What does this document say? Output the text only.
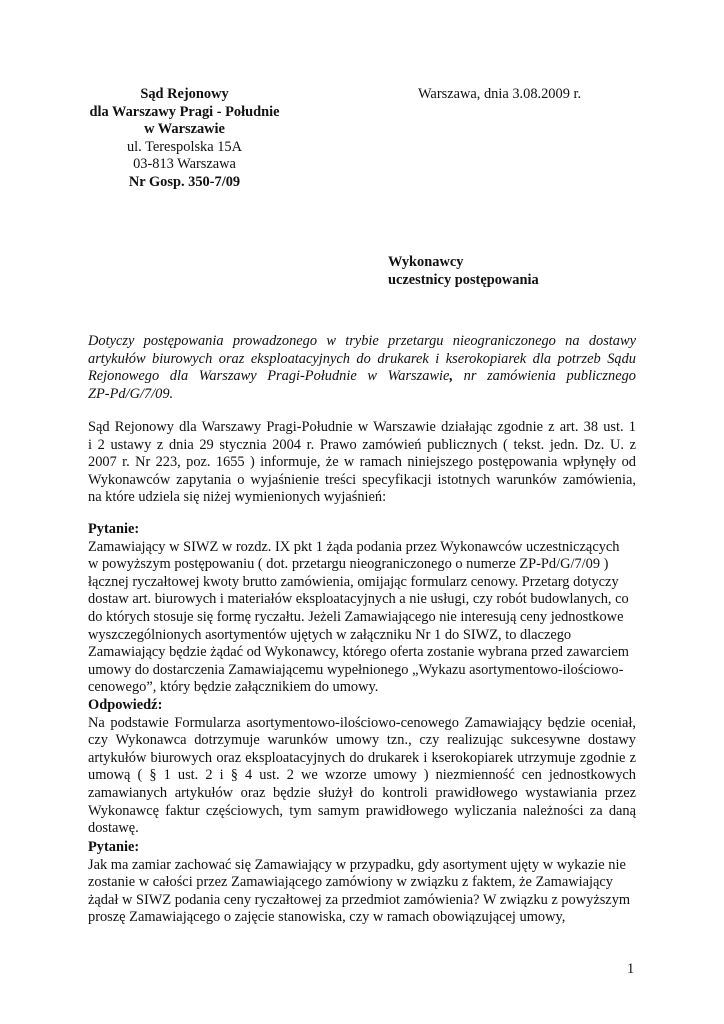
Sąd Rejonowy
dla Warszawy Pragi - Południe
w Warszawie
ul. Terespolska 15A
03-813 Warszawa
Nr Gosp. 350-7/09
Warszawa, dnia 3.08.2009 r.
Wykonawcy
uczestnicy postępowania
Dotyczy postępowania prowadzonego w trybie przetargu nieograniczonego na dostawy
artykułów biurowych oraz eksploatacyjnych do drukarek i kserokopiarek dla potrzeb Sądu
Rejonowego dla Warszawy Pragi-Południe w Warszawie, nr zamówienia publicznego
ZP-Pd/G/7/09.
Sąd Rejonowy dla Warszawy Pragi-Południe w Warszawie działając zgodnie z art. 38 ust. 1
i 2 ustawy z dnia 29 stycznia 2004 r. Prawo zamówień publicznych ( tekst. jedn. Dz. U. z
2007 r. Nr 223, poz. 1655 ) informuje, że w ramach niniejszego postępowania wpłynęły od
Wykonawców zapytania o wyjaśnienie treści specyfikacji istotnych warunków zamówienia,
na które udziela się niżej wymienionych wyjaśnień:
Pytanie:
Zamawiający w SIWZ w rozdz. IX pkt 1 żąda podania przez Wykonawców uczestniczących
w powyższym postępowaniu ( dot. przetargu nieograniczonego o numerze ZP-Pd/G/7/09 )
łącznej ryczałtowej kwoty brutto zamówienia, omijając formularz cenowy. Przetarg dotyczy
dostaw art. biurowych i materiałów eksploatacyjnych a nie usługi, czy robót budowlanych, co
do których stosuje się formę ryczałtu. Jeżeli Zamawiającego nie interesują ceny jednostkowe
wyszczególnionych asortymentów ujętych w załączniku Nr 1 do SIWZ, to dlaczego
Zamawiający będzie żądać od Wykonawcy, którego oferta zostanie wybrana przed zawarciem
umowy do dostarczenia Zamawiającemu wypełnionego „Wykazu asortymentowo-ilościowo-
cenowego”, który będzie załącznikiem do umowy.
Odpowiedź:
Na podstawie Formularza asortymentowo-ilościowo-cenowego Zamawiający będzie oceniał,
czy Wykonawca dotrzymuje warunków umowy tzn., czy realizując sukcesywne dostawy
artykułów biurowych oraz eksploatacyjnych do drukarek i kserokopiarek utrzymuje zgodnie z
umową ( § 1 ust. 2 i § 4 ust. 2 we wzorze umowy ) niezmienność cen jednostkowych
zamawianych artykułów oraz będzie służył do kontroli prawidłowego wystawiania przez
Wykonawcę faktur częściowych, tym samym prawidłowego wyliczania należności za daną
dostawę.
Pytanie:
Jak ma zamiar zachować się Zamawiający w przypadku, gdy asortyment ujęty w wykazie nie
zostanie w całości przez Zamawiającego zamówiony w związku z faktem, że Zamawiający
żądał w SIWZ podania ceny ryczałtowej za przedmiot zamówienia? W związku z powyższym
proszę Zamawiającego o zajęcie stanowiska, czy w ramach obowiązującej umowy,
1
